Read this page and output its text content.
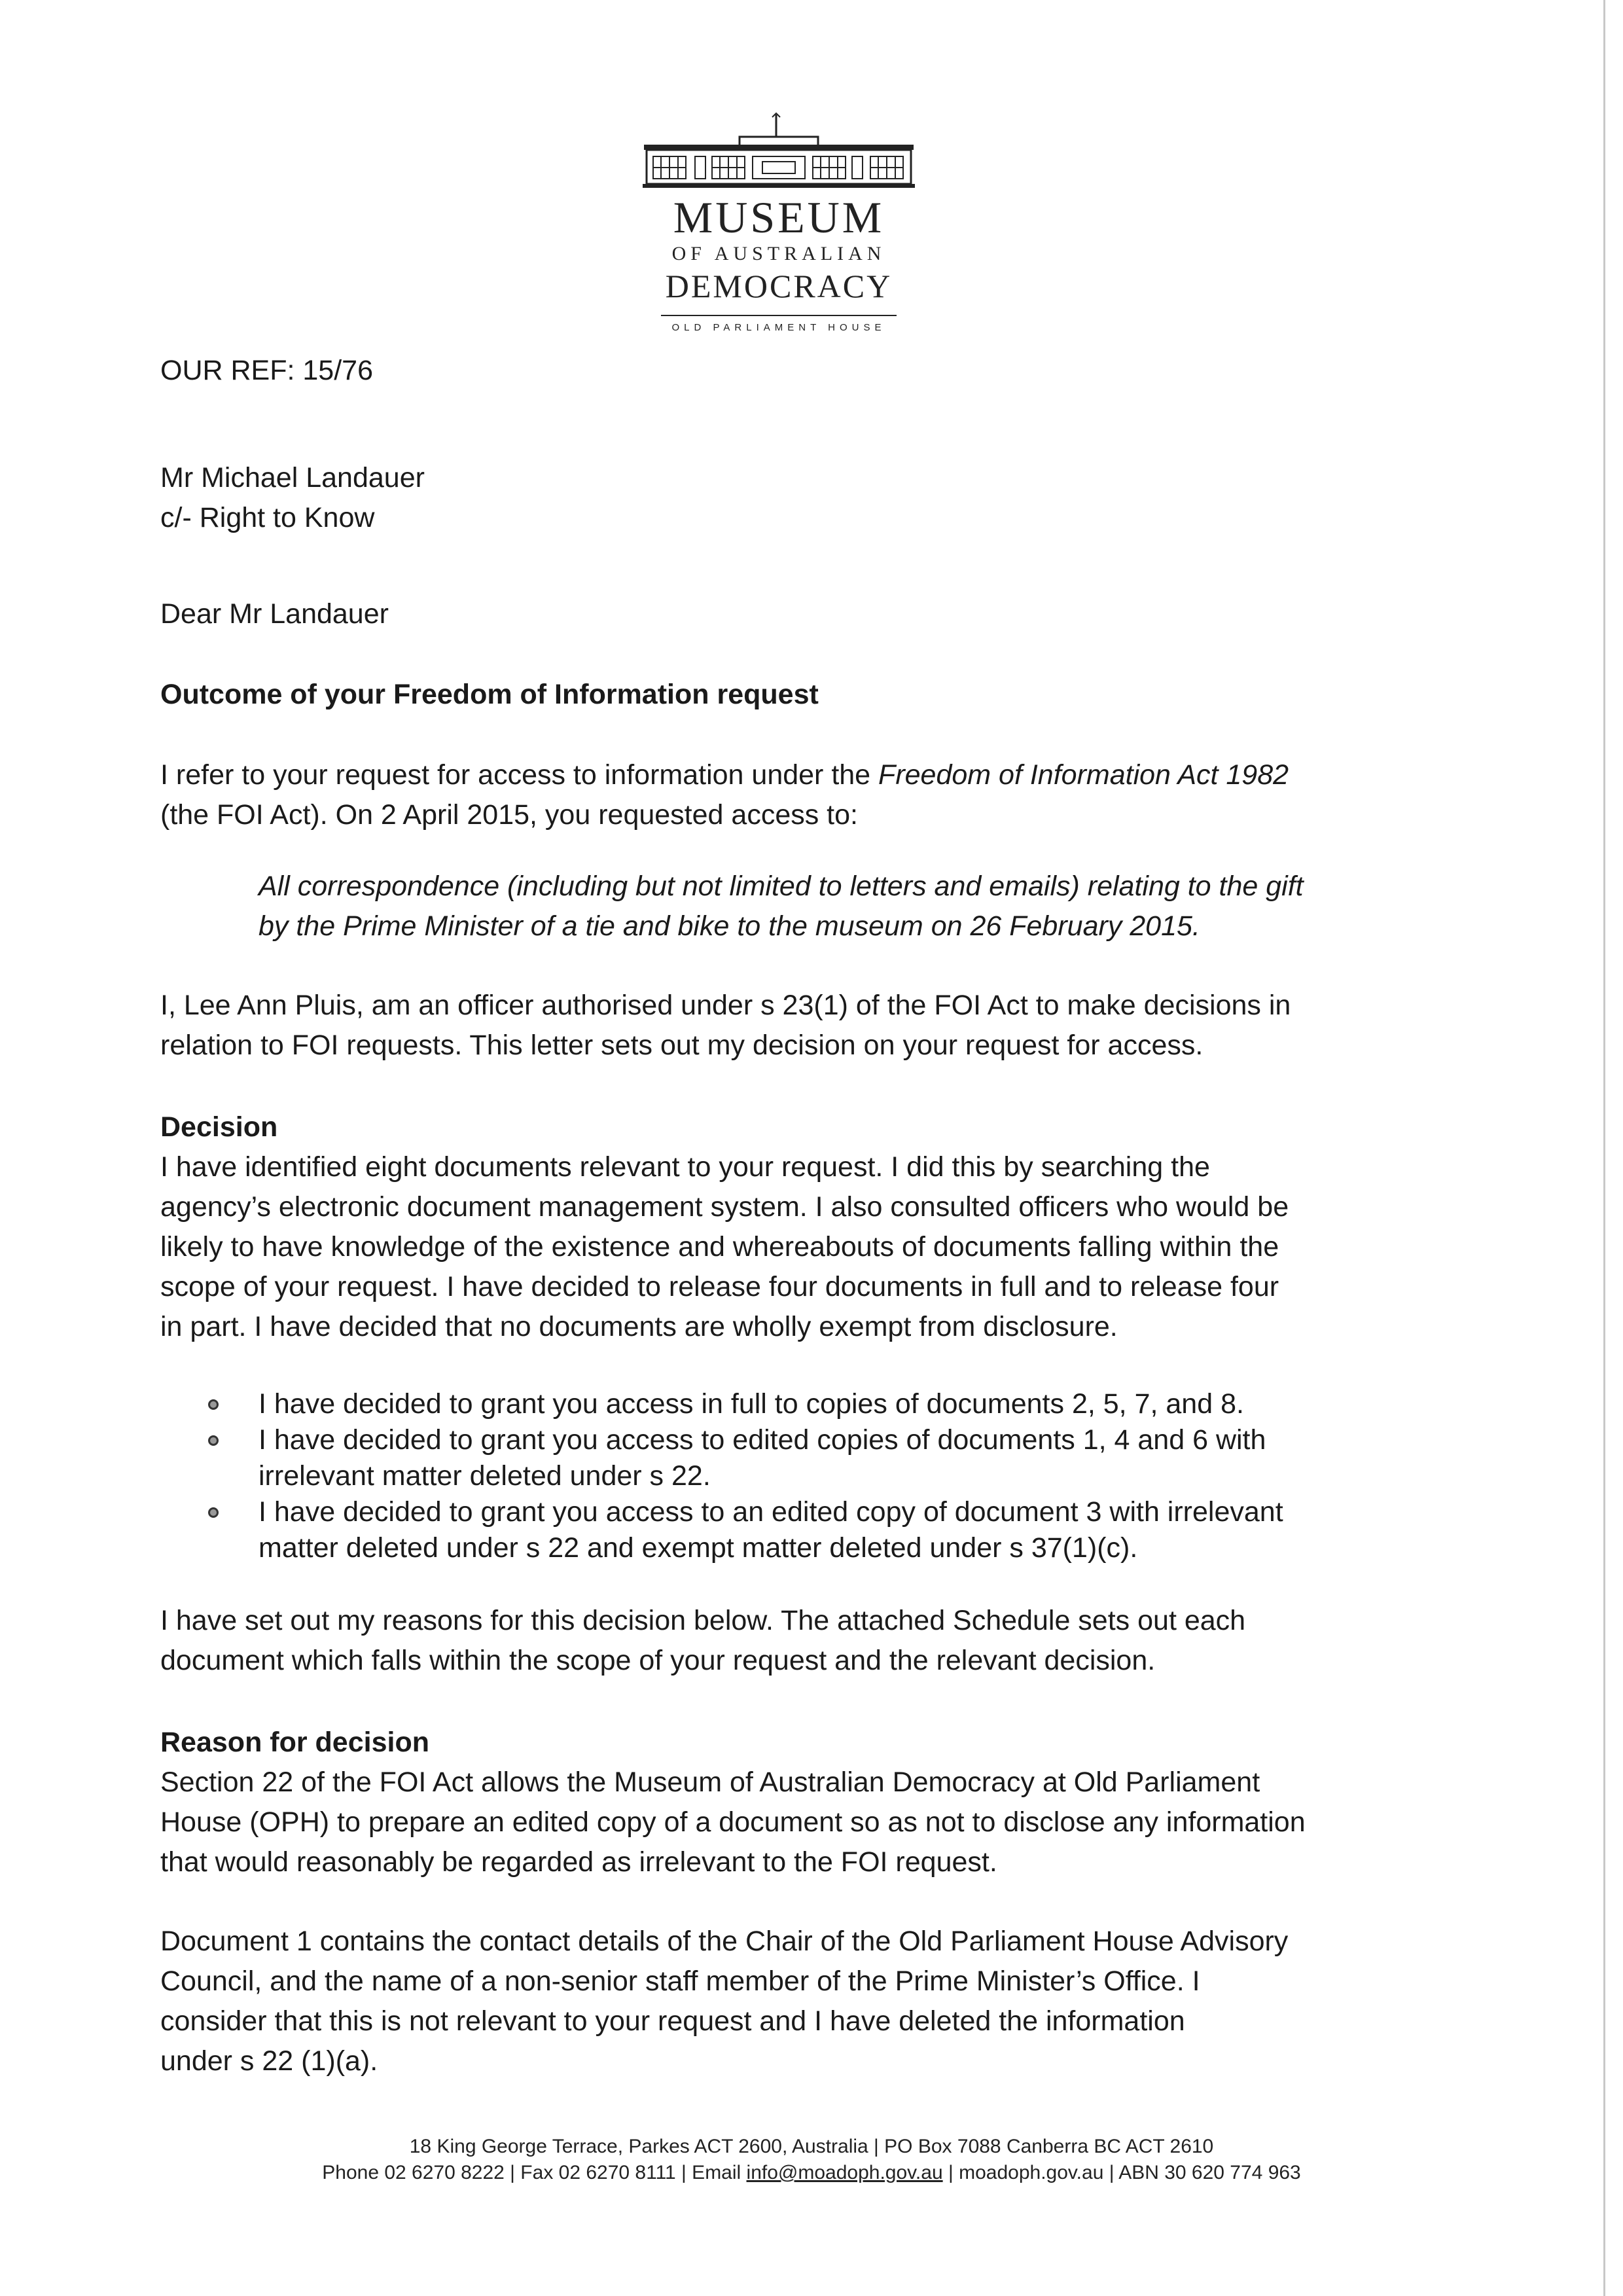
MUSEUM
OF AUSTRALIAN
DEMOCRACY
OLD PARLIAMENT HOUSE
OUR REF: 15/76
Mr Michael Landauer
c/- Right to Know
Dear Mr Landauer
Outcome of your Freedom of Information request
I refer to your request for access to information under the Freedom of Information Act 1982
(the FOI Act). On 2 April 2015, you requested access to:
All correspondence (including but not limited to letters and emails) relating to the gift
by the Prime Minister of a tie and bike to the museum on 26 February 2015.
I, Lee Ann Pluis, am an officer authorised under s 23(1) of the FOI Act to make decisions in
relation to FOI requests. This letter sets out my decision on your request for access.
Decision
I have identified eight documents relevant to your request. I did this by searching the
agency’s electronic document management system. I also consulted officers who would be
likely to have knowledge of the existence and whereabouts of documents falling within the
scope of your request. I have decided to release four documents in full and to release four
in part. I have decided that no documents are wholly exempt from disclosure.
I have decided to grant you access in full to copies of documents 2, 5, 7, and 8.
I have decided to grant you access to edited copies of documents 1, 4 and 6 with
irrelevant matter deleted under s 22.
I have decided to grant you access to an edited copy of document 3 with irrelevant
matter deleted under s 22 and exempt matter deleted under s 37(1)(c).
I have set out my reasons for this decision below. The attached Schedule sets out each
document which falls within the scope of your request and the relevant decision.
Reason for decision
Section 22 of the FOI Act allows the Museum of Australian Democracy at Old Parliament
House (OPH) to prepare an edited copy of a document so as not to disclose any information
that would reasonably be regarded as irrelevant to the FOI request.
Document 1 contains the contact details of the Chair of the Old Parliament House Advisory
Council, and the name of a non-senior staff member of the Prime Minister’s Office. I
consider that this is not relevant to your request and I have deleted the information
under s 22 (1)(a).
18 King George Terrace, Parkes ACT 2600, Australia | PO Box 7088 Canberra BC ACT 2610
Phone 02 6270 8222 | Fax 02 6270 8111 | Email info@moadoph.gov.au | moadoph.gov.au | ABN 30 620 774 963
